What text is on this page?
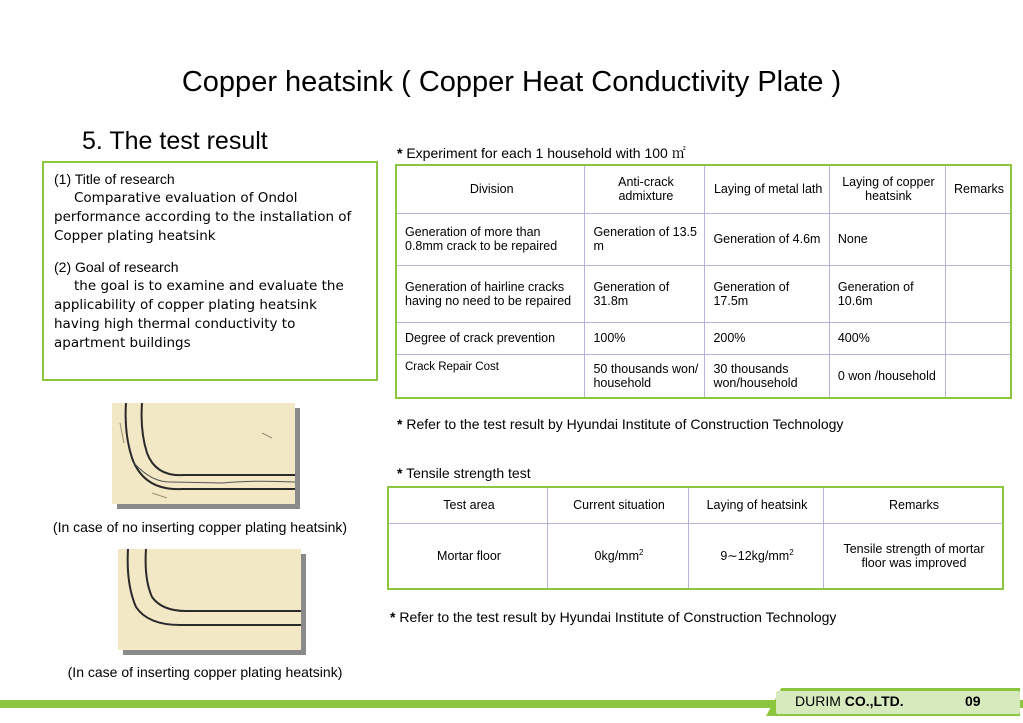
Copper heatsink ( Copper Heat Conductivity Plate )
5. The test result
(1) Title of research
Comparative evaluation of Ondol performance according to the installation of Copper plating heatsink
(2) Goal of research
the goal is to examine and evaluate the applicability of copper plating heatsink having high thermal conductivity to apartment buildings
(In case of no inserting copper plating heatsink)
(In case of inserting copper plating heatsink)
* Experiment for each 1 household with 100 ㎡
Division	Anti-crack admixture	Laying of metal lath	Laying of copper heatsink	Remarks
Generation of more than 0.8mm crack to be repaired	Generation of 13.5 m	Generation of 4.6m	None	
Generation of hairline cracks having no need to be repaired	Generation of 31.8m	Generation of 17.5m	Generation of 10.6m	
Degree of crack prevention	100%	200%	400%	
Crack Repair Cost	50 thousands won/ household	30 thousands won/household	0 won /household	
* Refer to the test result by Hyundai Institute of Construction Technology
* Tensile strength test
Test area	Current situation	Laying of heatsink	Remarks
Mortar floor	$0kg/mm^2$	$9\sim 12kg/mm^2$	Tensile strength of mortar floor was improved
* Refer to the test result by Hyundai Institute of Construction Technology
DURIM CO.,LTD.	09
